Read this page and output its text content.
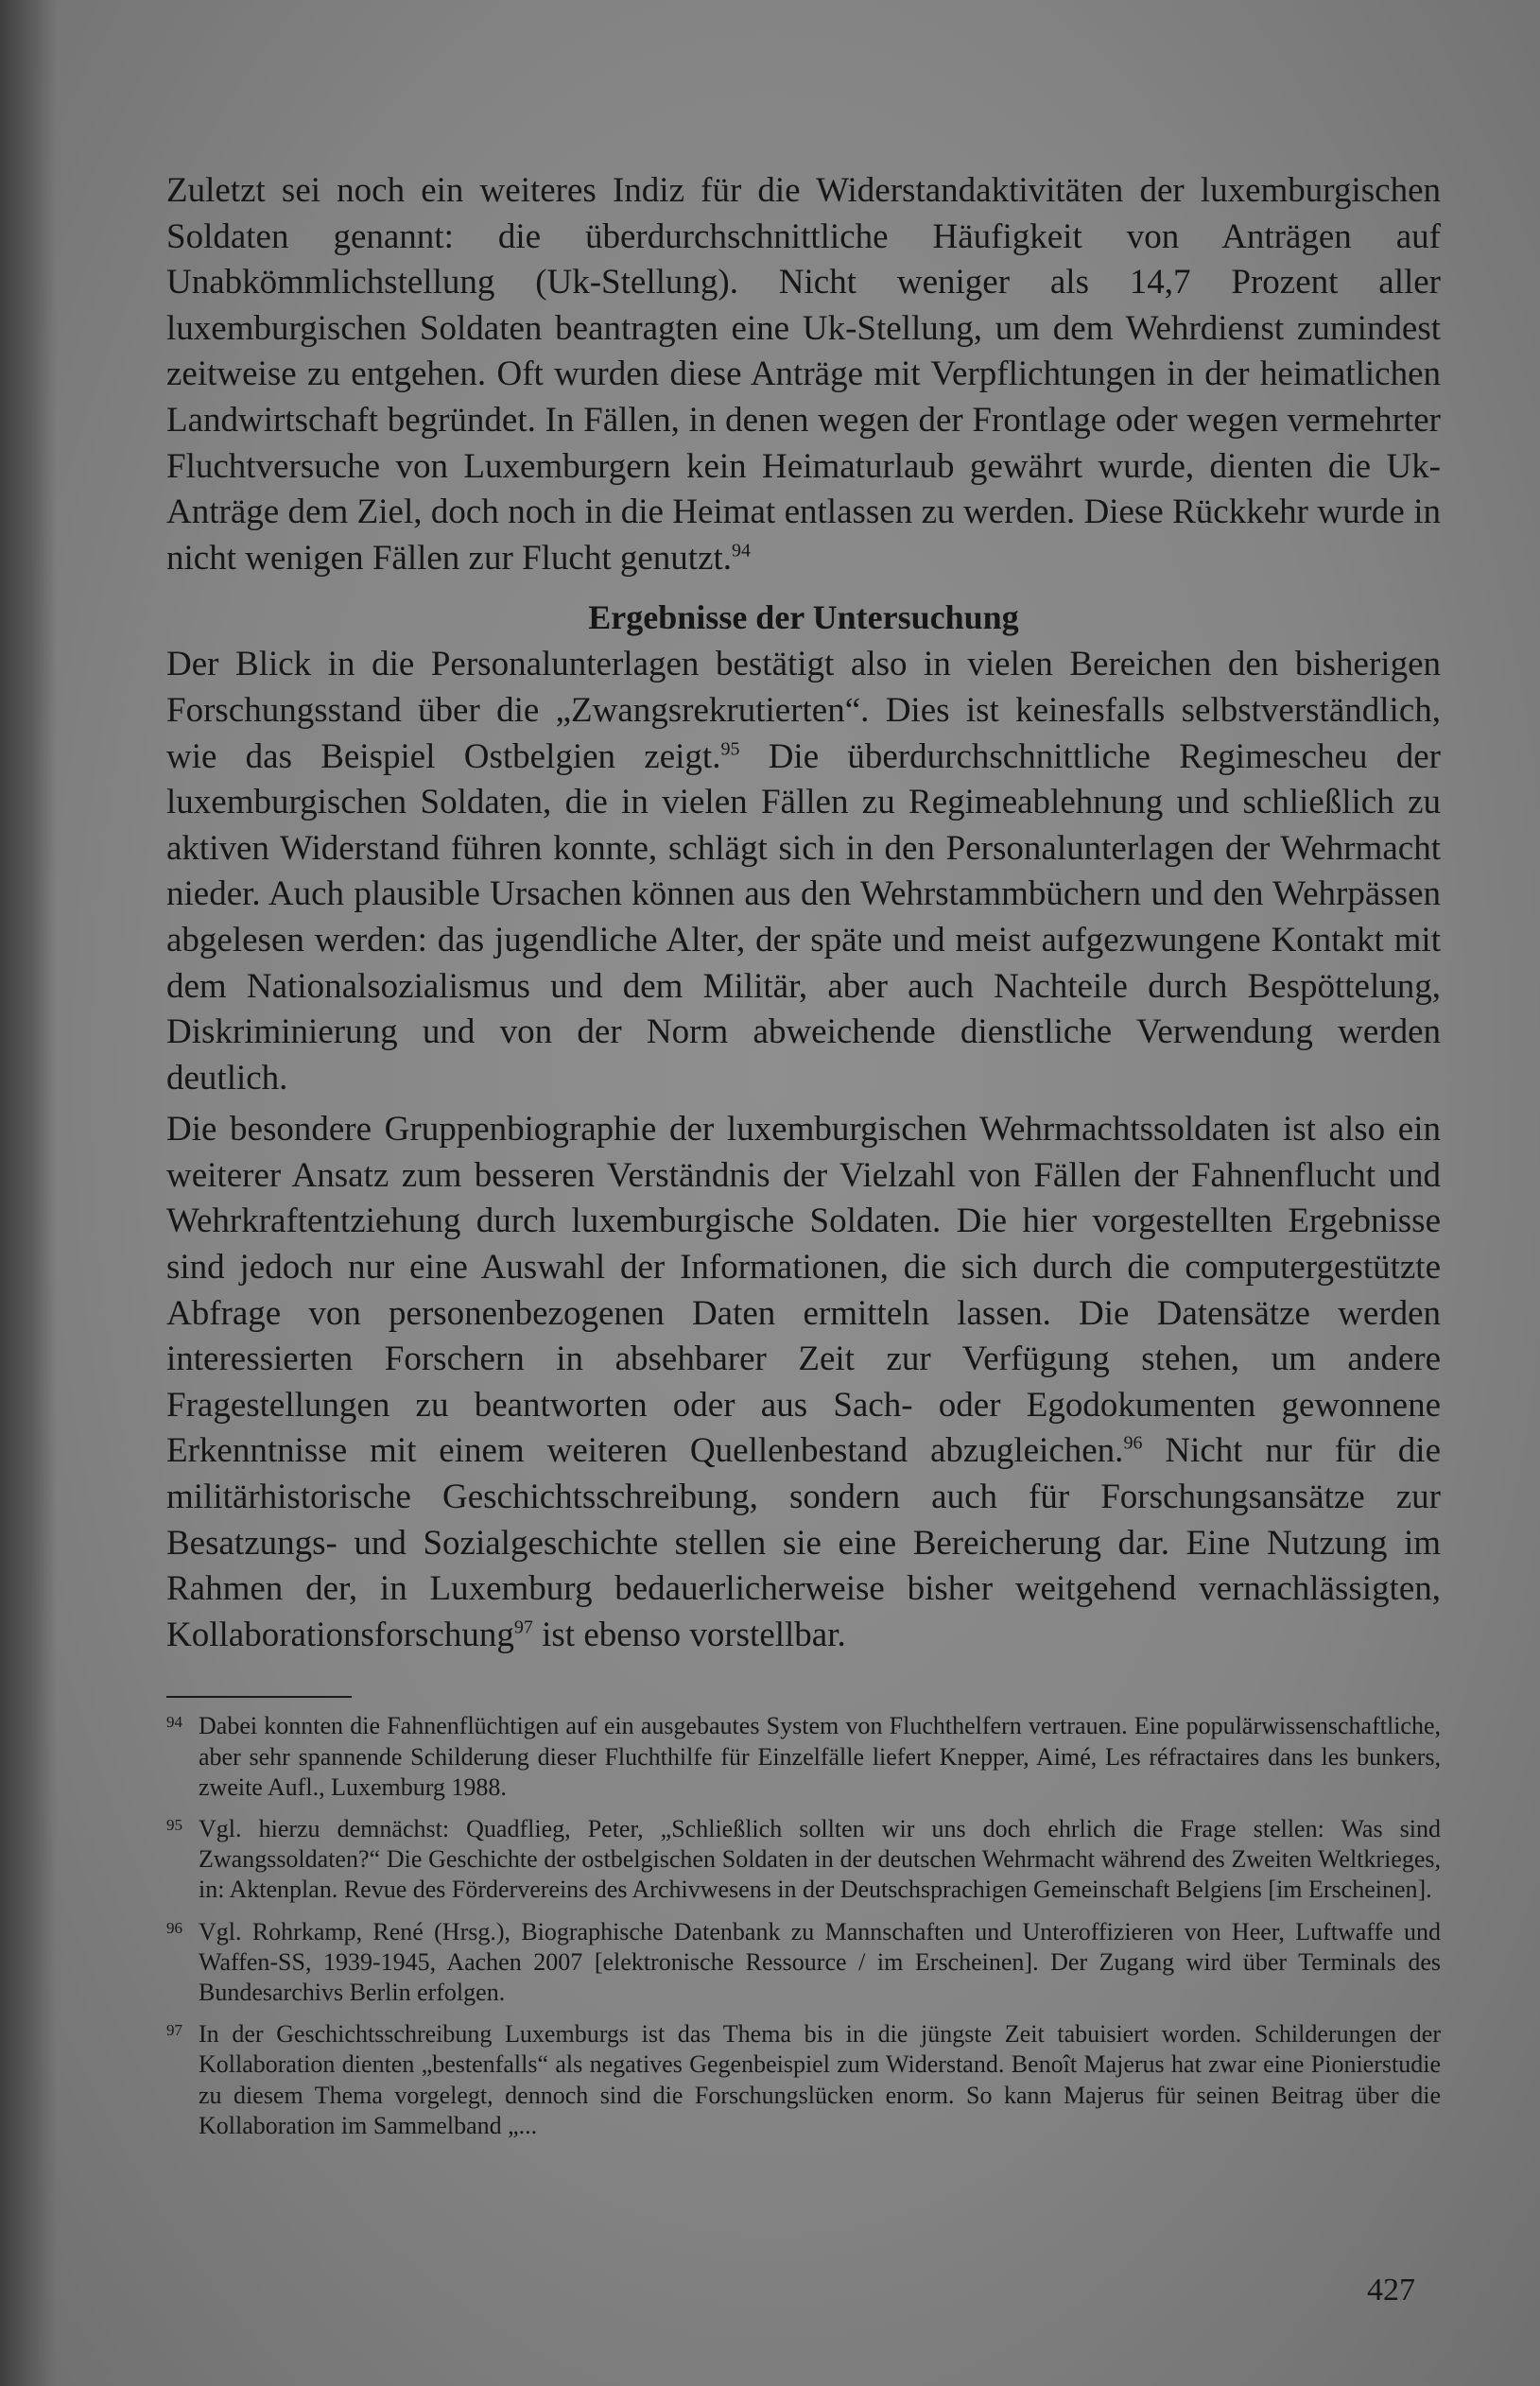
Zuletzt sei noch ein weiteres Indiz für die Widerstandaktivitäten der luxemburgischen Soldaten genannt: die überdurchschnittliche Häufigkeit von Anträgen auf Unabkömmlichstellung (Uk-Stellung). Nicht weniger als 14,7 Prozent aller luxemburgischen Soldaten beantragten eine Uk-Stellung, um dem Wehrdienst zumindest zeitweise zu entgehen. Oft wurden diese Anträge mit Verpflichtungen in der heimatlichen Landwirtschaft begründet. In Fällen, in denen wegen der Frontlage oder wegen vermehrter Fluchtversuche von Luxemburgern kein Heimaturlaub gewährt wurde, dienten die Uk-Anträge dem Ziel, doch noch in die Heimat entlassen zu werden. Diese Rückkehr wurde in nicht wenigen Fällen zur Flucht genutzt.$^{94}$

Ergebnisse der Untersuchung

Der Blick in die Personalunterlagen bestätigt also in vielen Bereichen den bisherigen Forschungsstand über die „Zwangsrekrutierten“. Dies ist keinesfalls selbstverständlich, wie das Beispiel Ostbelgien zeigt.$^{95}$ Die überdurchschnittliche Regimescheu der luxemburgischen Soldaten, die in vielen Fällen zu Regimeablehnung und schließlich zu aktiven Widerstand führen konnte, schlägt sich in den Personalunterlagen der Wehrmacht nieder. Auch plausible Ursachen können aus den Wehrstammbüchern und den Wehrpässen abgelesen werden: das jugendliche Alter, der späte und meist aufgezwungene Kontakt mit dem Nationalsozialismus und dem Militär, aber auch Nachteile durch Bespöttelung, Diskriminierung und von der Norm abweichende dienstliche Verwendung werden deutlich.

Die besondere Gruppenbiographie der luxemburgischen Wehrmachtssoldaten ist also ein weiterer Ansatz zum besseren Verständnis der Vielzahl von Fällen der Fahnenflucht und Wehrkraftentziehung durch luxemburgische Soldaten. Die hier vorgestellten Ergebnisse sind jedoch nur eine Auswahl der Informationen, die sich durch die computergestützte Abfrage von personenbezogenen Daten ermitteln lassen. Die Datensätze werden interessierten Forschern in absehbarer Zeit zur Verfügung stehen, um andere Fragestellungen zu beantworten oder aus Sach- oder Egodokumenten gewonnene Erkenntnisse mit einem weiteren Quellenbestand abzugleichen.$^{96}$ Nicht nur für die militärhistorische Geschichtsschreibung, sondern auch für Forschungsansätze zur Besatzungs- und Sozialgeschichte stellen sie eine Bereicherung dar. Eine Nutzung im Rahmen der, in Luxemburg bedauerlicherweise bisher weitgehend vernachlässigten, Kollaborationsforschung$^{97}$ ist ebenso vorstellbar.

94 Dabei konnten die Fahnenflüchtigen auf ein ausgebautes System von Fluchthelfern vertrauen. Eine populärwissenschaftliche, aber sehr spannende Schilderung dieser Fluchthilfe für Einzelfälle liefert Knepper, Aimé, Les réfractaires dans les bunkers, zweite Aufl., Luxemburg 1988.
95 Vgl. hierzu demnächst: Quadflieg, Peter, „Schließlich sollten wir uns doch ehrlich die Frage stellen: Was sind Zwangssoldaten?“ Die Geschichte der ostbelgischen Soldaten in der deutschen Wehrmacht während des Zweiten Weltkrieges, in: Aktenplan. Revue des Fördervereins des Archivwesens in der Deutschsprachigen Gemeinschaft Belgiens [im Erscheinen].
96 Vgl. Rohrkamp, René (Hrsg.), Biographische Datenbank zu Mannschaften und Unteroffizieren von Heer, Luftwaffe und Waffen-SS, 1939-1945, Aachen 2007 [elektronische Ressource / im Erscheinen]. Der Zugang wird über Terminals des Bundesarchivs Berlin erfolgen.
97 In der Geschichtsschreibung Luxemburgs ist das Thema bis in die jüngste Zeit tabuisiert worden. Schilderungen der Kollaboration dienten „bestenfalls“ als negatives Gegenbeispiel zum Widerstand. Benoît Majerus hat zwar eine Pionierstudie zu diesem Thema vorgelegt, dennoch sind die Forschungslücken enorm. So kann Majerus für seinen Beitrag über die Kollaboration im Sammelband „...
427
